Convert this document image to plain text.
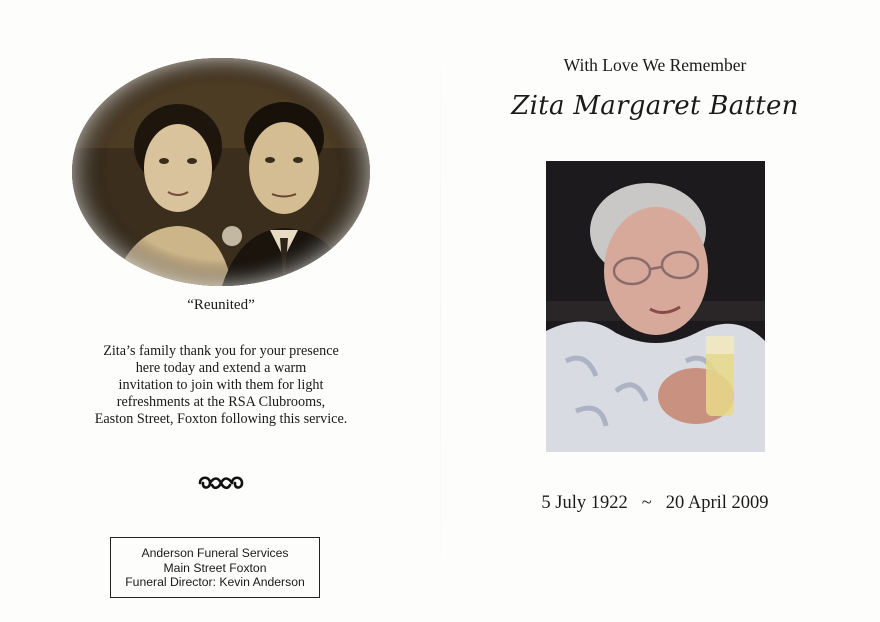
“Reunited”

Zita’s family thank you for your presence
here today and extend a warm
invitation to join with them for light
refreshments at the RSA Clubrooms,
Easton Street, Foxton following this service.

Anderson Funeral Services
Main Street Foxton
Funeral Director: Kevin Anderson
With Love We Remember
Zita Margaret Batten
5 July 1922 ~ 20 April 2009
